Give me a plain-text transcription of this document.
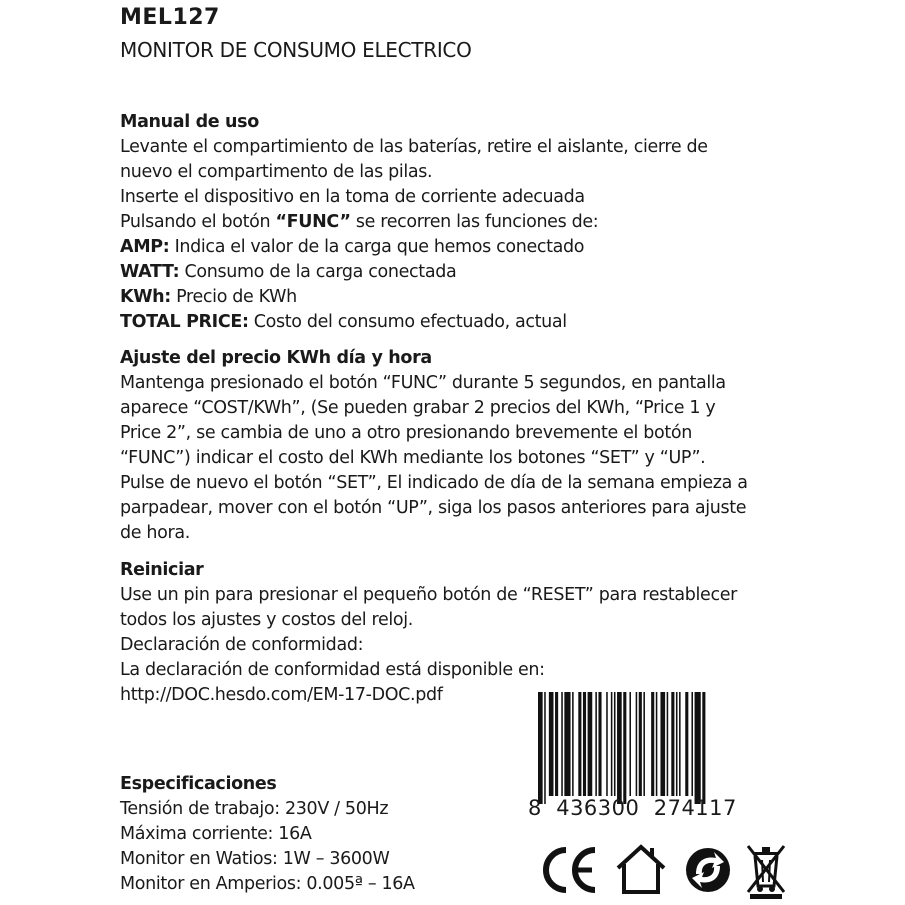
MEL127
MONITOR DE CONSUMO ELECTRICO
Manual de uso

Levante el compartimiento de las baterías, retire el aislante, cierre de

nuevo el compartimento de las pilas.

Inserte el dispositivo en la toma de corriente adecuada

Pulsando el botón “FUNC” se recorren las funciones de:

AMP: Indica el valor de la carga que hemos conectado

WATT: Consumo de la carga conectada

KWh: Precio de KWh

TOTAL PRICE: Costo del consumo efectuado, actual

Ajuste del precio KWh día y hora

Mantenga presionado el botón “FUNC” durante 5 segundos, en pantalla

aparece “COST/KWh”, (Se pueden grabar 2 precios del KWh, “Price 1 y

Price 2”, se cambia de uno a otro presionando brevemente el botón

“FUNC”) indicar el costo del KWh mediante los botones “SET” y “UP”.

Pulse de nuevo el botón “SET”, El indicado de día de la semana empieza a

parpadear, mover con el botón “UP”, siga los pasos anteriores para ajuste

de hora.

Reiniciar

Use un pin para presionar el pequeño botón de “RESET” para restablecer

todos los ajustes y costos del reloj.

Declaración de conformidad:

La declaración de conformidad está disponible en:

http://DOC.hesdo.com/EM-17-DOC.pdf

Especificaciones

Tensión de trabajo: 230V / 50Hz

Máxima corriente: 16A

Monitor en Watios: 1W – 3600W

Monitor en Amperios: 0.005ª – 16A

8  436300  274117
